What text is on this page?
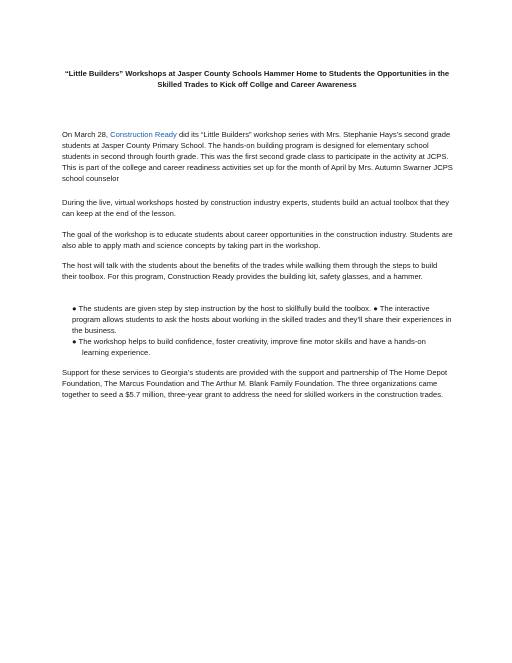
“Little Builders” Workshops at Jasper County Schools Hammer Home to Students the Opportunities in the Skilled Trades to Kick off Collge and Career Awareness

On March 28, Construction Ready did its “Little Builders” workshop series with Mrs. Stephanie Hays’s second grade students at Jasper County Primary School. The hands-on building program is designed for elementary school students in second through fourth grade. This was the first second grade class to participate in the activity at JCPS. This is part of the college and career readiness activities set up for the month of April by Mrs. Autumn Swarner JCPS school counselor

During the live, virtual workshops hosted by construction industry experts, students build an actual toolbox that they can keep at the end of the lesson.

The goal of the workshop is to educate students about career opportunities in the construction industry. Students are also able to apply math and science concepts by taking part in the workshop.

The host will talk with the students about the benefits of the trades while walking them through the steps to build their toolbox. For this program, Construction Ready provides the building kit, safety glasses, and a hammer.

● The students are given step by step instruction by the host to skillfully build the toolbox. ● The interactive program allows students to ask the hosts about working in the skilled trades and they’ll share their experiences in the business.
● The workshop helps to build confidence, foster creativity, improve fine motor skills and have a hands-on learning experience.

Support for these services to Georgia’s students are provided with the support and partnership of The Home Depot Foundation, The Marcus Foundation and The Arthur M. Blank Family Foundation. The three organizations came together to seed a $5.7 million, three-year grant to address the need for skilled workers in the construction trades.
